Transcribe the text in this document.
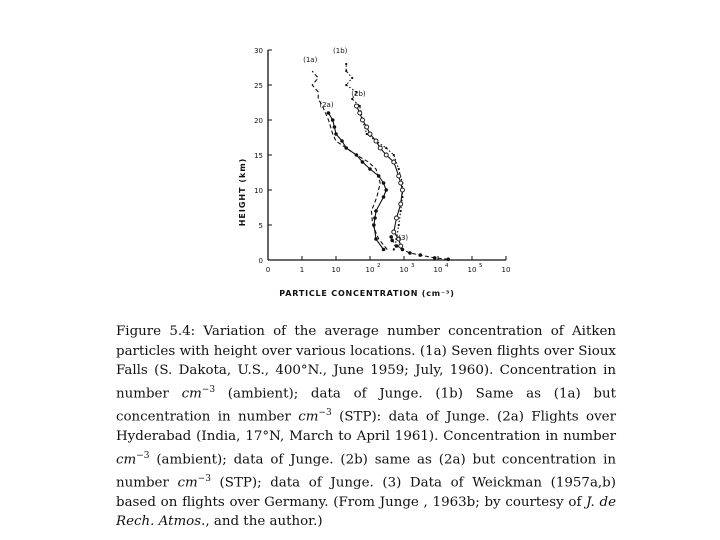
0
5
10
15
20
25
30
0	1	10	10 2	10 3	10 4	10 5	10
(1a)
(1b)
(2a)
(2b)
(3)
HEIGHT (km)
PARTICLE CONCENTRATION (cm⁻³)

Figure 5.4: Variation of the average number concentration of Aitken particles with height over various locations. (1a) Seven flights over Sioux Falls (S. Dakota, U.S., 400°N., June 1959; July, 1960). Concentration in number $cm^{-3}$ (ambient); data of Junge. (1b) Same as (1a) but concentration in number $cm^{-3}$ (STP): data of Junge. (2a) Flights over Hyderabad (India, 17°N, March to April 1961). Concentration in number $cm^{-3}$ (ambient); data of Junge. (2b) same as (2a) but concentration in number $cm^{-3}$ (STP); data of Junge. (3) Data of Weickman (1957a,b) based on flights over Germany. (From Junge , 1963b; by courtesy of J. de Rech. Atmos., and the author.)
